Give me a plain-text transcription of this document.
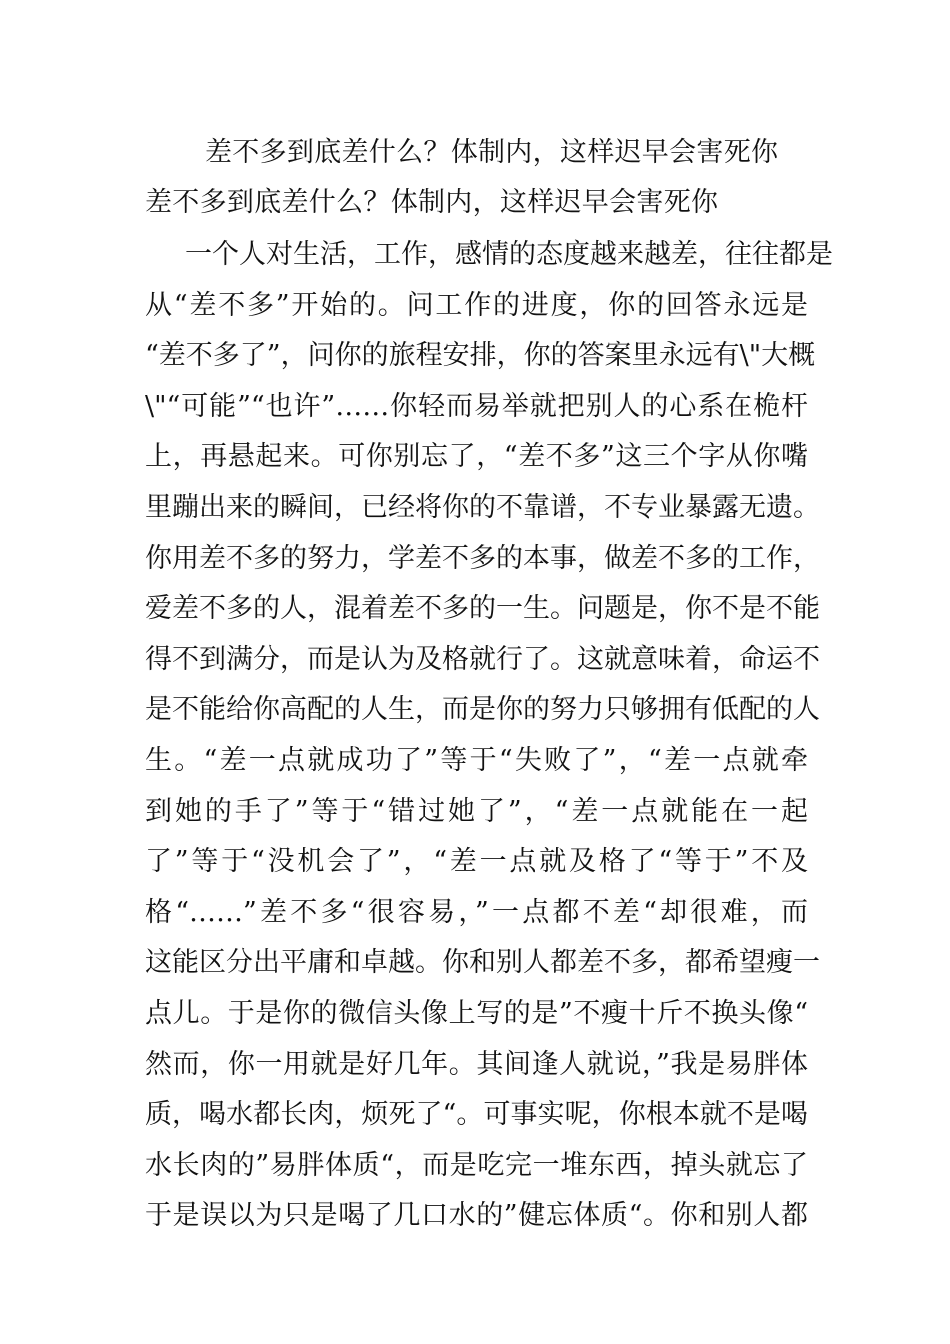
差不多到底差什么？体制内，这样迟早会害死你
差不多到底差什么？体制内，这样迟早会害死你
一个人对生活，工作，感情的态度越来越差，往往都是
从“差不多”开始的。问工作的进度，你的回答永远是
“差不多了”，问你的旅程安排，你的答案里永远有\"大概
\"“可能”“也许”……你轻而易举就把别人的心系在桅杆
上，再悬起来。可你别忘了，“差不多”这三个字从你嘴
里蹦出来的瞬间，已经将你的不靠谱，不专业暴露无遗。
你用差不多的努力，学差不多的本事，做差不多的工作，
爱差不多的人，混着差不多的一生。问题是，你不是不能
得不到满分，而是认为及格就行了。这就意味着，命运不
是不能给你高配的人生，而是你的努力只够拥有低配的人
生。“差一点就成功了”等于“失败了”，“差一点就牵
到她的手了”等于“错过她了”，“差一点就能在一起
了”等于“没机会了”，“差一点就及格了“等于”不及
格“……”差不多“很容易，”一点都不差“却很难，而
这能区分出平庸和卓越。你和别人都差不多，都希望瘦一
点儿。于是你的微信头像上写的是”不瘦十斤不换头像“
然而，你一用就是好几年。其间逢人就说，”我是易胖体
质，喝水都长肉，烦死了“。可事实呢，你根本就不是喝
水长肉的”易胖体质“，而是吃完一堆东西，掉头就忘了
于是误以为只是喝了几口水的”健忘体质“。你和别人都
